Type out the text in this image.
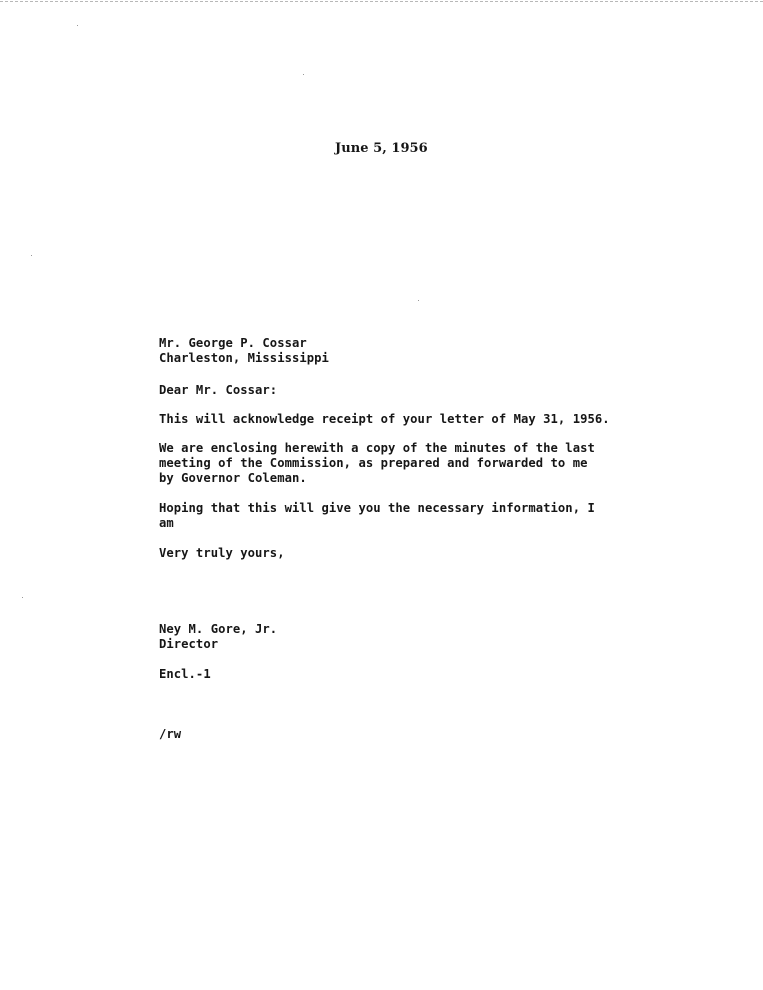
June 5, 1956
Mr. George P. Cossar
Charleston, Mississippi
Dear Mr. Cossar:
This will acknowledge receipt of your letter of May 31, 1956.
We are enclosing herewith a copy of the minutes of the last
meeting of the Commission, as prepared and forwarded to me
by Governor Coleman.
Hoping that this will give you the necessary information, I
am
Very truly yours,
Ney M. Gore, Jr.
Director
Encl.-1
/rw
